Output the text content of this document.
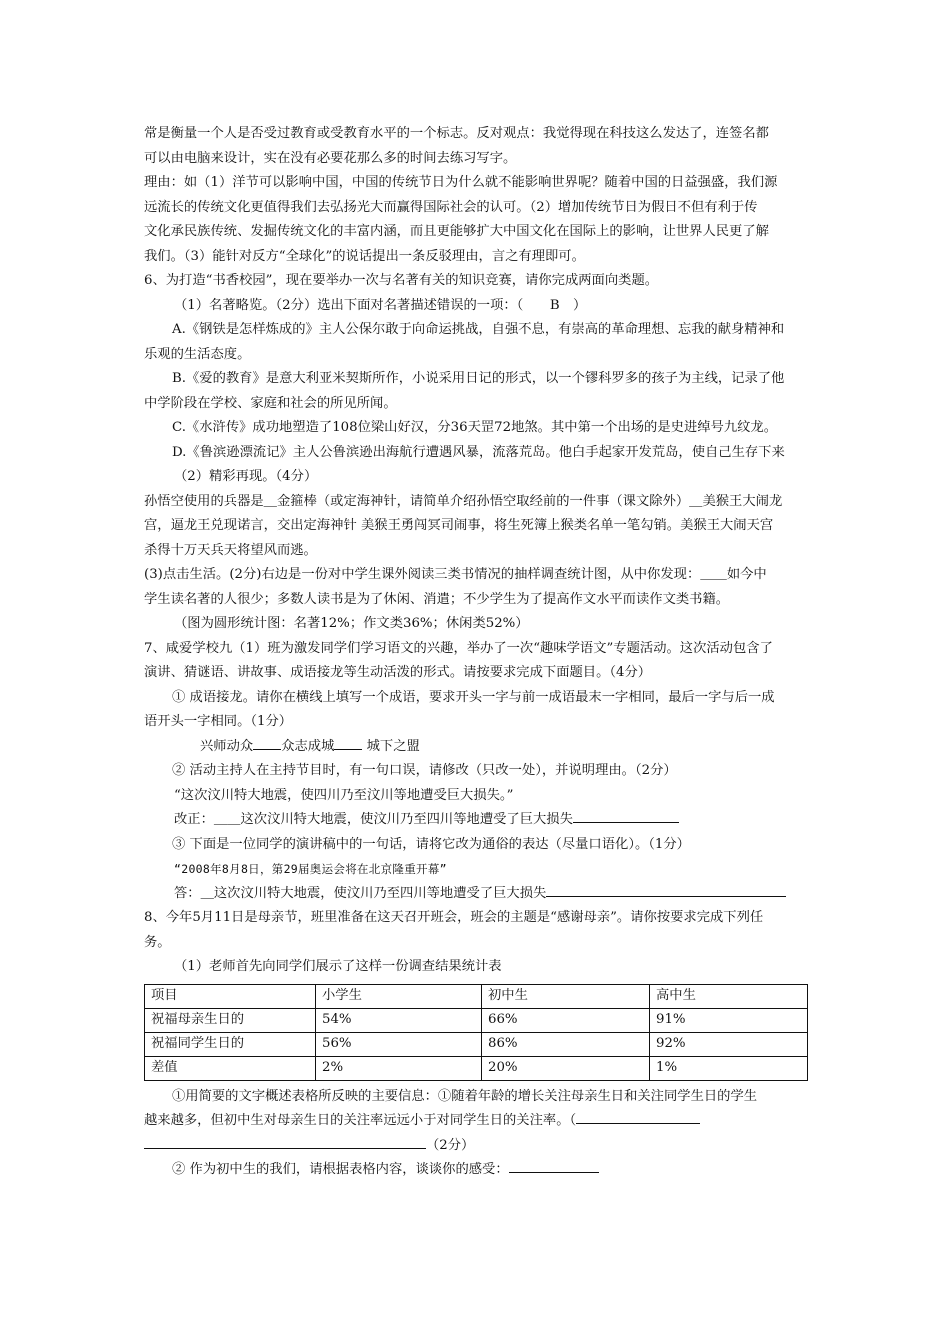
常是衡量一个人是否受过教育或受教育水平的一个标志。反对观点：我觉得现在科技这么发达了，连签名都

可以由电脑来设计，实在没有必要花那么多的时间去练习写字。

理由：如（1）洋节可以影响中国，中国的传统节日为什么就不能影响世界呢？随着中国的日益强盛，我们源

远流长的传统文化更值得我们去弘扬光大而赢得国际社会的认可。（2）增加传统节日为假日不但有利于传

文化承民族传统、发掘传统文化的丰富内涵，而且更能够扩大中国文化在国际上的影响，让世界人民更了解

我们。（3）能针对反方“全球化”的说话提出一条反驳理由，言之有理即可。

6、为打造“书香校园”，现在要举办一次与名著有关的知识竞赛，请你完成两面向类题。

（1）名著略览。（2分）选出下面对名著描述错误的一项：（　　B　）

A.《钢铁是怎样炼成的》主人公保尔敢于向命运挑战，自强不息，有崇高的革命理想、忘我的献身精神和

乐观的生活态度。

B.《爱的教育》是意大利亚米契斯所作，小说采用日记的形式，以一个镠科罗多的孩子为主线，记录了他

中学阶段在学校、家庭和社会的所见所闻。

C.《水浒传》成功地塑造了108位梁山好汉，分36天罡72地煞。其中第一个出场的是史进绰号九纹龙。

D.《鲁滨逊漂流记》主人公鲁滨逊出海航行遭遇风暴，流落荒岛。他白手起家开发荒岛，使自己生存下来

（2）精彩再现。（4分）

孙悟空使用的兵器是＿金箍棒（或定海神针，请简单介绍孙悟空取经前的一件事（课文除外）＿美猴王大闹龙

宫，逼龙王兑现诺言，交出定海神针 美猴王勇闯冥司闹事，将生死簿上猴类名单一笔勾销。美猴王大闹天宫

杀得十万天兵天将望风而逃。

(3)点击生活。(2分)右边是一份对中学生课外阅读三类书情况的抽样调查统计图，从中你发现：＿＿如今中

学生读名著的人很少；多数人读书是为了休闲、消遣；不少学生为了提高作文水平而读作文类书籍。

（图为圆形统计图：名著12%；作文类36%；休闲类52%）

7、咸爱学校九（1）班为激发同学们学习语文的兴趣，举办了一次“趣味学语文”专题活动。这次活动包含了

演讲、猜谜语、讲故事、成语接龙等生动活泼的形式。请按要求完成下面题目。（4分）

① 成语接龙。请你在横线上填写一个成语，要求开头一字与前一成语最末一字相同，最后一字与后一成

语开头一字相同。（1分）

兴师动众 众志成城 城下之盟

② 活动主持人在主持节目时，有一句口误，请修改（只改一处），并说明理由。（2分）

“这次汶川特大地震，使四川乃至汶川等地遭受巨大损失。”

改正：＿＿这次汶川特大地震，使汶川乃至四川等地遭受了巨大损失

③ 下面是一位同学的演讲稿中的一句话，请将它改为通俗的表达（尽量口语化）。（1分）

“2008年8月8日，第29届奥运会将在北京隆重开幕”

答：＿这次汶川特大地震，使汶川乃至四川等地遭受了巨大损失

8、今年5月11日是母亲节，班里准备在这天召开班会，班会的主题是“感谢母亲”。请你按要求完成下列任

务。

（1）老师首先向同学们展示了这样一份调查结果统计表

项目	小学生	初中生	高中生
祝福母亲生日的	54%	66%	91%
祝福同学生日的	56%	86%	92%
差值	2%	20%	1%

①用简要的文字概述表格所反映的主要信息：①随着年龄的增长关注母亲生日和关注同学生日的学生

越来越多，但初中生对母亲生日的关注率远远小于对同学生日的关注率。（

（2分）

② 作为初中生的我们，请根据表格内容，谈谈你的感受：
